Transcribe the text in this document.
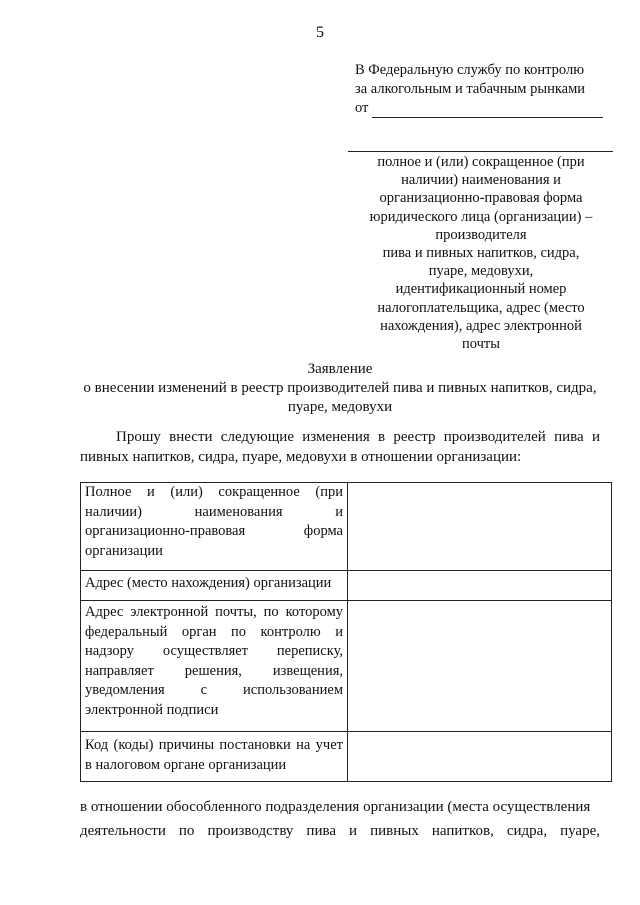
5
В Федеральную службу по контролю
за алкогольным и табачным рынками
от
полное и (или) сокращенное (при
наличии) наименования и
организационно-правовая форма
юридического лица (организации) –
производителя
пива и пивных напитков, сидра,
пуаре, медовухи,
идентификационный номер
налогоплательщика, адрес (место
нахождения), адрес электронной
почты
Заявление
о внесении изменений в реестр производителей пива и пивных напитков, сидра,
пуаре, медовухи
Прошу внести следующие изменения в реестр производителей пива и пивных напитков, сидра, пуаре, медовухи в отношении организации:
Полное и (или) сокращенное (при наличии) наименования и организационно-правовая форма организации	
Адрес (место нахождения) организации	
Адрес электронной почты, по которому федеральный орган по контролю и надзору осуществляет переписку, направляет решения, извещения, уведомления с использованием электронной подписи	
Код (коды) причины постановки на учет в налоговом органе организации	
в отношении обособленного подразделения организации (места осуществления
деятельности по производству пива и пивных напитков, сидра, пуаре,
